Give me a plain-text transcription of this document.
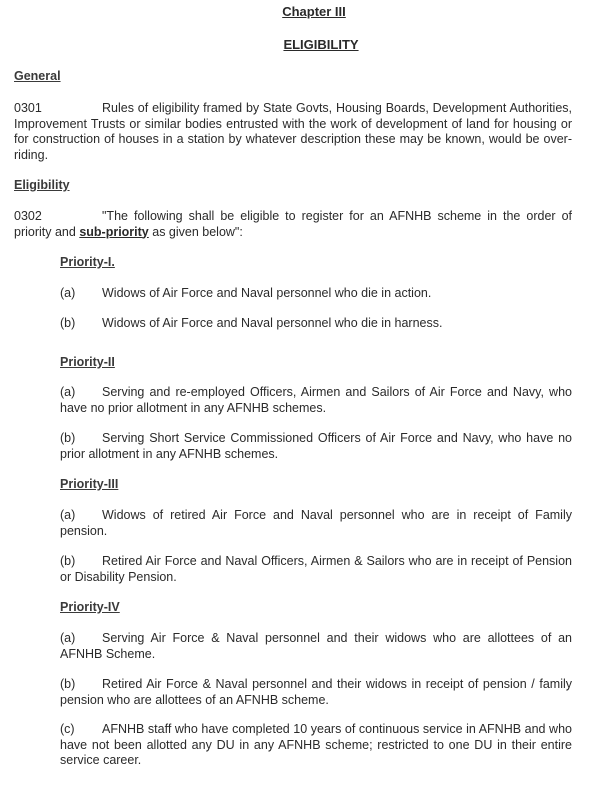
Chapter III
ELIGIBILITY
General
0301	Rules of eligibility framed by State Govts, Housing Boards, Development Authorities, Improvement Trusts or similar bodies entrusted with the work of development of land for housing or for construction of houses in a station by whatever description these may be known, would be over-riding.
Eligibility
0302	"The following shall be eligible to register for an AFNHB scheme in the order of priority and sub-priority as given below":
Priority-I.
(a) Widows of Air Force and Naval personnel who die in action.
(b) Widows of Air Force and Naval personnel who die in harness.
Priority-II
(a) Serving and re-employed Officers, Airmen and Sailors of Air Force and Navy, who have no prior allotment in any AFNHB schemes.
(b) Serving Short Service Commissioned Officers of Air Force and Navy, who have no prior allotment in any AFNHB schemes.
Priority-III
(a) Widows of retired Air Force and Naval personnel who are in receipt of Family pension.
(b) Retired Air Force and Naval Officers, Airmen & Sailors who are in receipt of Pension or Disability Pension.
Priority-IV
(a) Serving Air Force & Naval personnel and their widows who are allottees of an AFNHB Scheme.
(b) Retired Air Force & Naval personnel and their widows in receipt of pension / family pension who are allottees of an AFNHB scheme.
(c) AFNHB staff who have completed 10 years of continuous service in AFNHB and who have not been allotted any DU in any AFNHB scheme; restricted to one DU in their entire service career.
